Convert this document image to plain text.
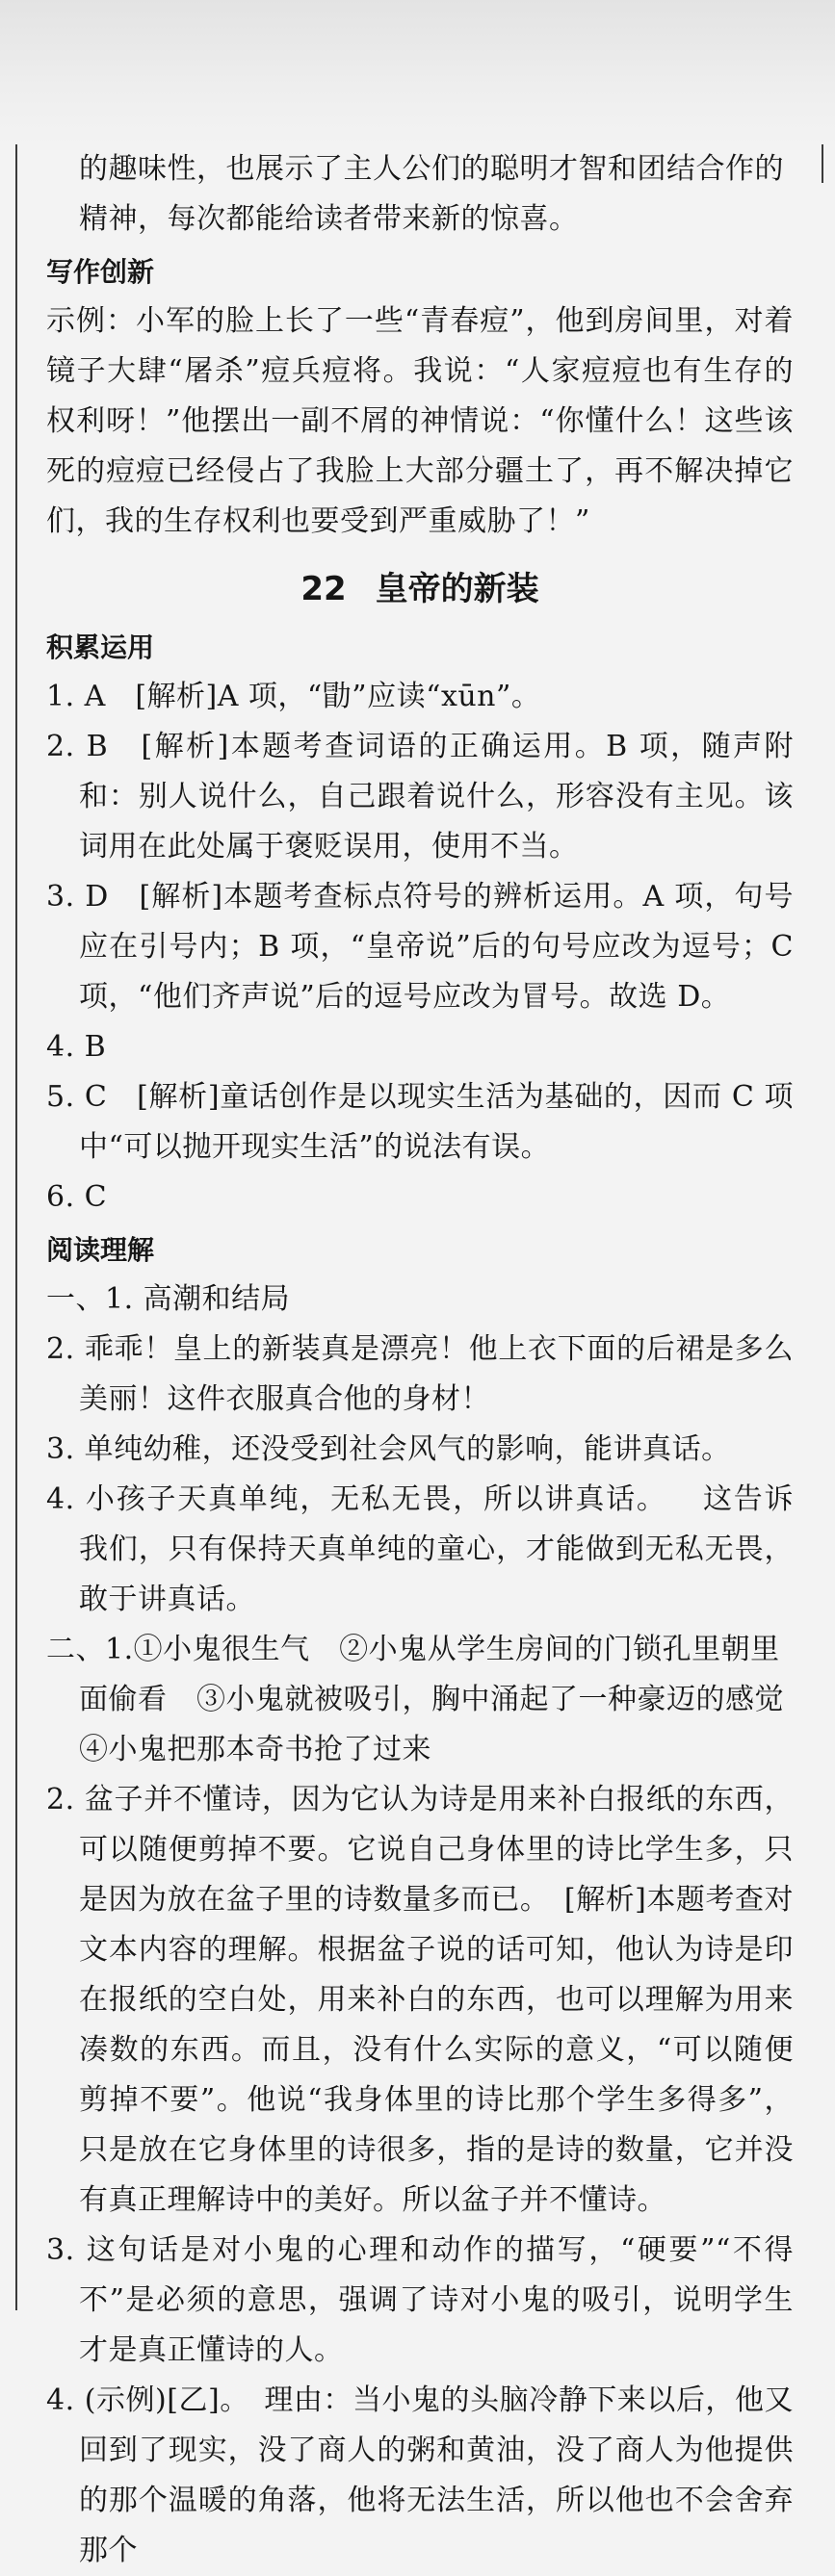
的趣味性，也展示了主人公们的聪明才智和团结合作的

精神，每次都能给读者带来新的惊喜。

写作创新

示例：小军的脸上长了一些“青春痘”，他到房间里，对着镜子大肆“屠杀”痘兵痘将。我说：“人家痘痘也有生存的权利呀！”他摆出一副不屑的神情说：“你懂什么！这些该死的痘痘已经侵占了我脸上大部分疆土了，再不解决掉它们，我的生存权利也要受到严重威胁了！”

22 皇帝的新装
积累运用

1. A　[解析]A 项，“勖”应读“xūn”。

2. B　[解析]本题考查词语的正确运用。B 项，随声附和：别人说什么，自己跟着说什么，形容没有主见。该词用在此处属于褒贬误用，使用不当。

3. D　[解析]本题考查标点符号的辨析运用。A 项，句号应在引号内；B 项，“皇帝说”后的句号应改为逗号；C 项，“他们齐声说”后的逗号应改为冒号。故选 D。

4. B

5. C　[解析]童话创作是以现实生活为基础的，因而 C 项中“可以抛开现实生活”的说法有误。

6. C

阅读理解

一、1. 高潮和结局

2. 乖乖！皇上的新装真是漂亮！他上衣下面的后裙是多么美丽！这件衣服真合他的身材！

3. 单纯幼稚，还没受到社会风气的影响，能讲真话。

4. 小孩子天真单纯，无私无畏，所以讲真话。 这告诉我们，只有保持天真单纯的童心，才能做到无私无畏，敢于讲真话。

二、1.①小鬼很生气　②小鬼从学生房间的门锁孔里朝里

面偷看　③小鬼就被吸引，胸中涌起了一种豪迈的感觉

④小鬼把那本奇书抢了过来

2. 盆子并不懂诗，因为它认为诗是用来补白报纸的东西，可以随便剪掉不要。它说自己身体里的诗比学生多，只是因为放在盆子里的诗数量多而已。　[解析]本题考查对文本内容的理解。根据盆子说的话可知，他认为诗是印在报纸的空白处，用来补白的东西，也可以理解为用来凑数的东西。而且，没有什么实际的意义，“可以随便剪掉不要”。他说“我身体里的诗比那个学生多得多”，只是放在它身体里的诗很多，指的是诗的数量，它并没有真正理解诗中的美好。所以盆子并不懂诗。

3. 这句话是对小鬼的心理和动作的描写，“硬要”“不得不”是必须的意思，强调了诗对小鬼的吸引，说明学生才是真正懂诗的人。

4. (示例)[乙]。　理由：当小鬼的头脑冷静下来以后，他又回到了现实，没了商人的粥和黄油，没了商人为他提供的那个温暖的角落，他将无法生活，所以他也不会舍弃那个
